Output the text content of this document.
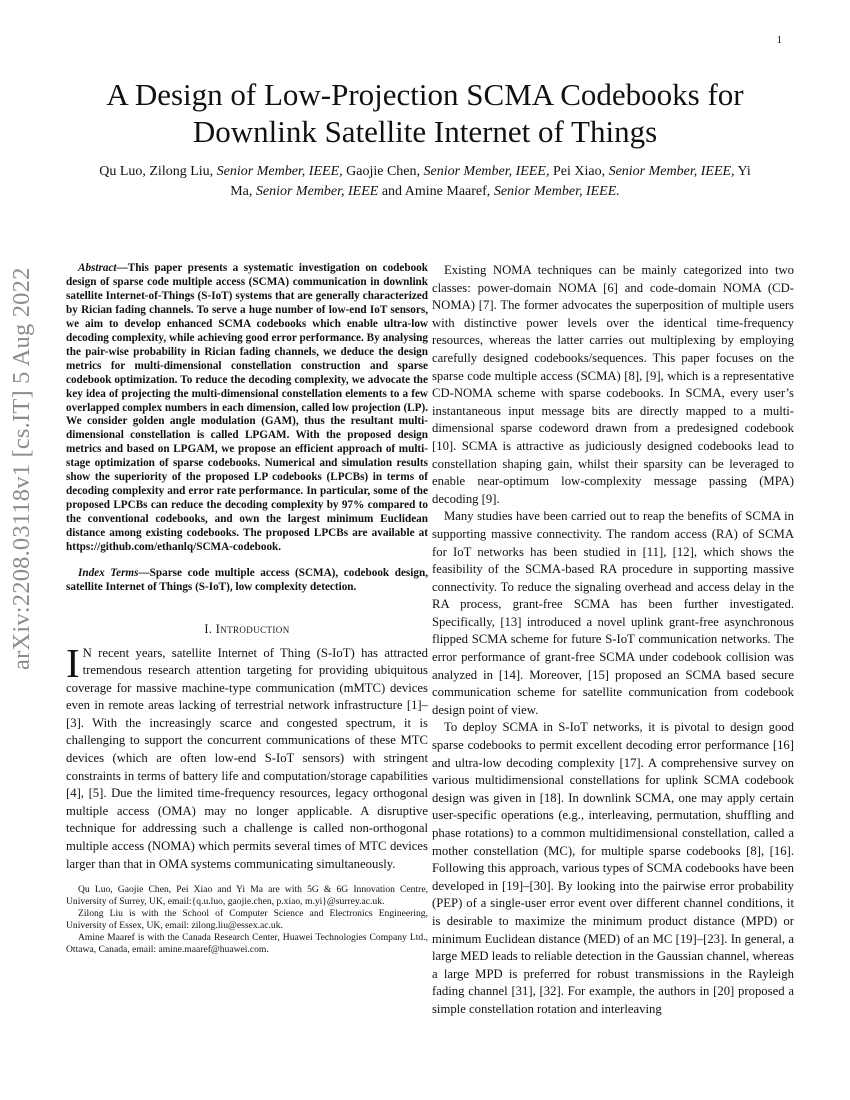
1
arXiv:2208.03118v1 [cs.IT] 5 Aug 2022
A Design of Low-Projection SCMA Codebooks for Downlink Satellite Internet of Things
Qu Luo, Zilong Liu, Senior Member, IEEE, Gaojie Chen, Senior Member, IEEE, Pei Xiao, Senior Member, IEEE, Yi Ma, Senior Member, IEEE and Amine Maaref, Senior Member, IEEE.

Abstract—This paper presents a systematic investigation on codebook design of sparse code multiple access (SCMA) communication in downlink satellite Internet-of-Things (S-IoT) systems that are generally characterized by Rician fading channels. To serve a huge number of low-end IoT sensors, we aim to develop enhanced SCMA codebooks which enable ultra-low decoding complexity, while achieving good error performance. By analysing the pair-wise probability in Rician fading channels, we deduce the design metrics for multi-dimensional constellation construction and sparse codebook optimization. To reduce the decoding complexity, we advocate the key idea of projecting the multi-dimensional constellation elements to a few overlapped complex numbers in each dimension, called low projection (LP). We consider golden angle modulation (GAM), thus the resultant multi-dimensional constellation is called LPGAM. With the proposed design metrics and based on LPGAM, we propose an efficient approach of multi-stage optimization of sparse codebooks. Numerical and simulation results show the superiority of the proposed LP codebooks (LPCBs) in terms of decoding complexity and error rate performance. In particular, some of the proposed LPCBs can reduce the decoding complexity by 97% compared to the conventional codebooks, and own the largest minimum Euclidean distance among existing codebooks. The proposed LPCBs are available at https://github.com/ethanlq/SCMA-codebook.

Index Terms—Sparse code multiple access (SCMA), codebook design, satellite Internet of Things (S-IoT), low complexity detection.

I. Introduction

I N recent years, satellite Internet of Thing (S-IoT) has attracted tremendous research attention targeting for providing ubiquitous coverage for massive machine-type communication (mMTC) devices even in remote areas lacking of terrestrial network infrastructure [1]–[3]. With the increasingly scarce and congested spectrum, it is challenging to support the concurrent communications of these MTC devices (which are often low-end S-IoT sensors) with stringent constraints in terms of battery life and computation/storage capabilities [4], [5]. Due the limited time-frequency resources, legacy orthogonal multiple access (OMA) may no longer applicable. A disruptive technique for addressing such a challenge is called non-orthogonal multiple access (NOMA) which permits several times of MTC devices larger than that in OMA systems communicating simultaneously.

Qu Luo, Gaojie Chen, Pei Xiao and Yi Ma are with 5G & 6G Innovation Centre, University of Surrey, UK, email:{q.u.luo, gaojie.chen, p.xiao, m.yi}@surrey.ac.uk.

Zilong Liu is with the School of Computer Science and Electronics Engineering, University of Essex, UK, email: zilong.liu@essex.ac.uk.

Amine Maaref is with the Canada Research Center, Huawei Technologies Company Ltd., Ottawa, Canada, email: amine.maaref@huawei.com.

Existing NOMA techniques can be mainly categorized into two classes: power-domain NOMA [6] and code-domain NOMA (CD-NOMA) [7]. The former advocates the superposition of multiple users with distinctive power levels over the identical time-frequency resources, whereas the latter carries out multiplexing by employing carefully designed codebooks/sequences. This paper focuses on the sparse code multiple access (SCMA) [8], [9], which is a representative CD-NOMA scheme with sparse codebooks. In SCMA, every user’s instantaneous input message bits are directly mapped to a multi-dimensional sparse codeword drawn from a predesigned codebook [10]. SCMA is attractive as judiciously designed codebooks lead to constellation shaping gain, whilst their sparsity can be leveraged to enable near-optimum low-complexity message passing (MPA) decoding [9].

Many studies have been carried out to reap the benefits of SCMA in supporting massive connectivity. The random access (RA) of SCMA for IoT networks has been studied in [11], [12], which shows the feasibility of the SCMA-based RA procedure in supporting massive connectivity. To reduce the signaling overhead and access delay in the RA process, grant-free SCMA has been further investigated. Specifically, [13] introduced a novel uplink grant-free asynchronous flipped SCMA scheme for future S-IoT communication networks. The error performance of grant-free SCMA under codebook collision was analyzed in [14]. Moreover, [15] proposed an SCMA based secure communication scheme for satellite communication from codebook design point of view.

To deploy SCMA in S-IoT networks, it is pivotal to design good sparse codebooks to permit excellent decoding error performance [16] and ultra-low decoding complexity [17]. A comprehensive survey on various multidimensional constellations for uplink SCMA codebook design was given in [18]. In downlink SCMA, one may apply certain user-specific operations (e.g., interleaving, permutation, shuffling and phase rotations) to a common multidimensional constellation, called a mother constellation (MC), for multiple sparse codebooks [8], [16]. Following this approach, various types of SCMA codebooks have been developed in [19]–[30]. By looking into the pairwise error probability (PEP) of a single-user error event over different channel conditions, it is desirable to maximize the minimum product distance (MPD) or minimum Euclidean distance (MED) of an MC [19]–[23]. In general, a large MED leads to reliable detection in the Gaussian channel, whereas a large MPD is preferred for robust transmissions in the Rayleigh fading channel [31], [32]. For example, the authors in [20] proposed a simple constellation rotation and interleaving
